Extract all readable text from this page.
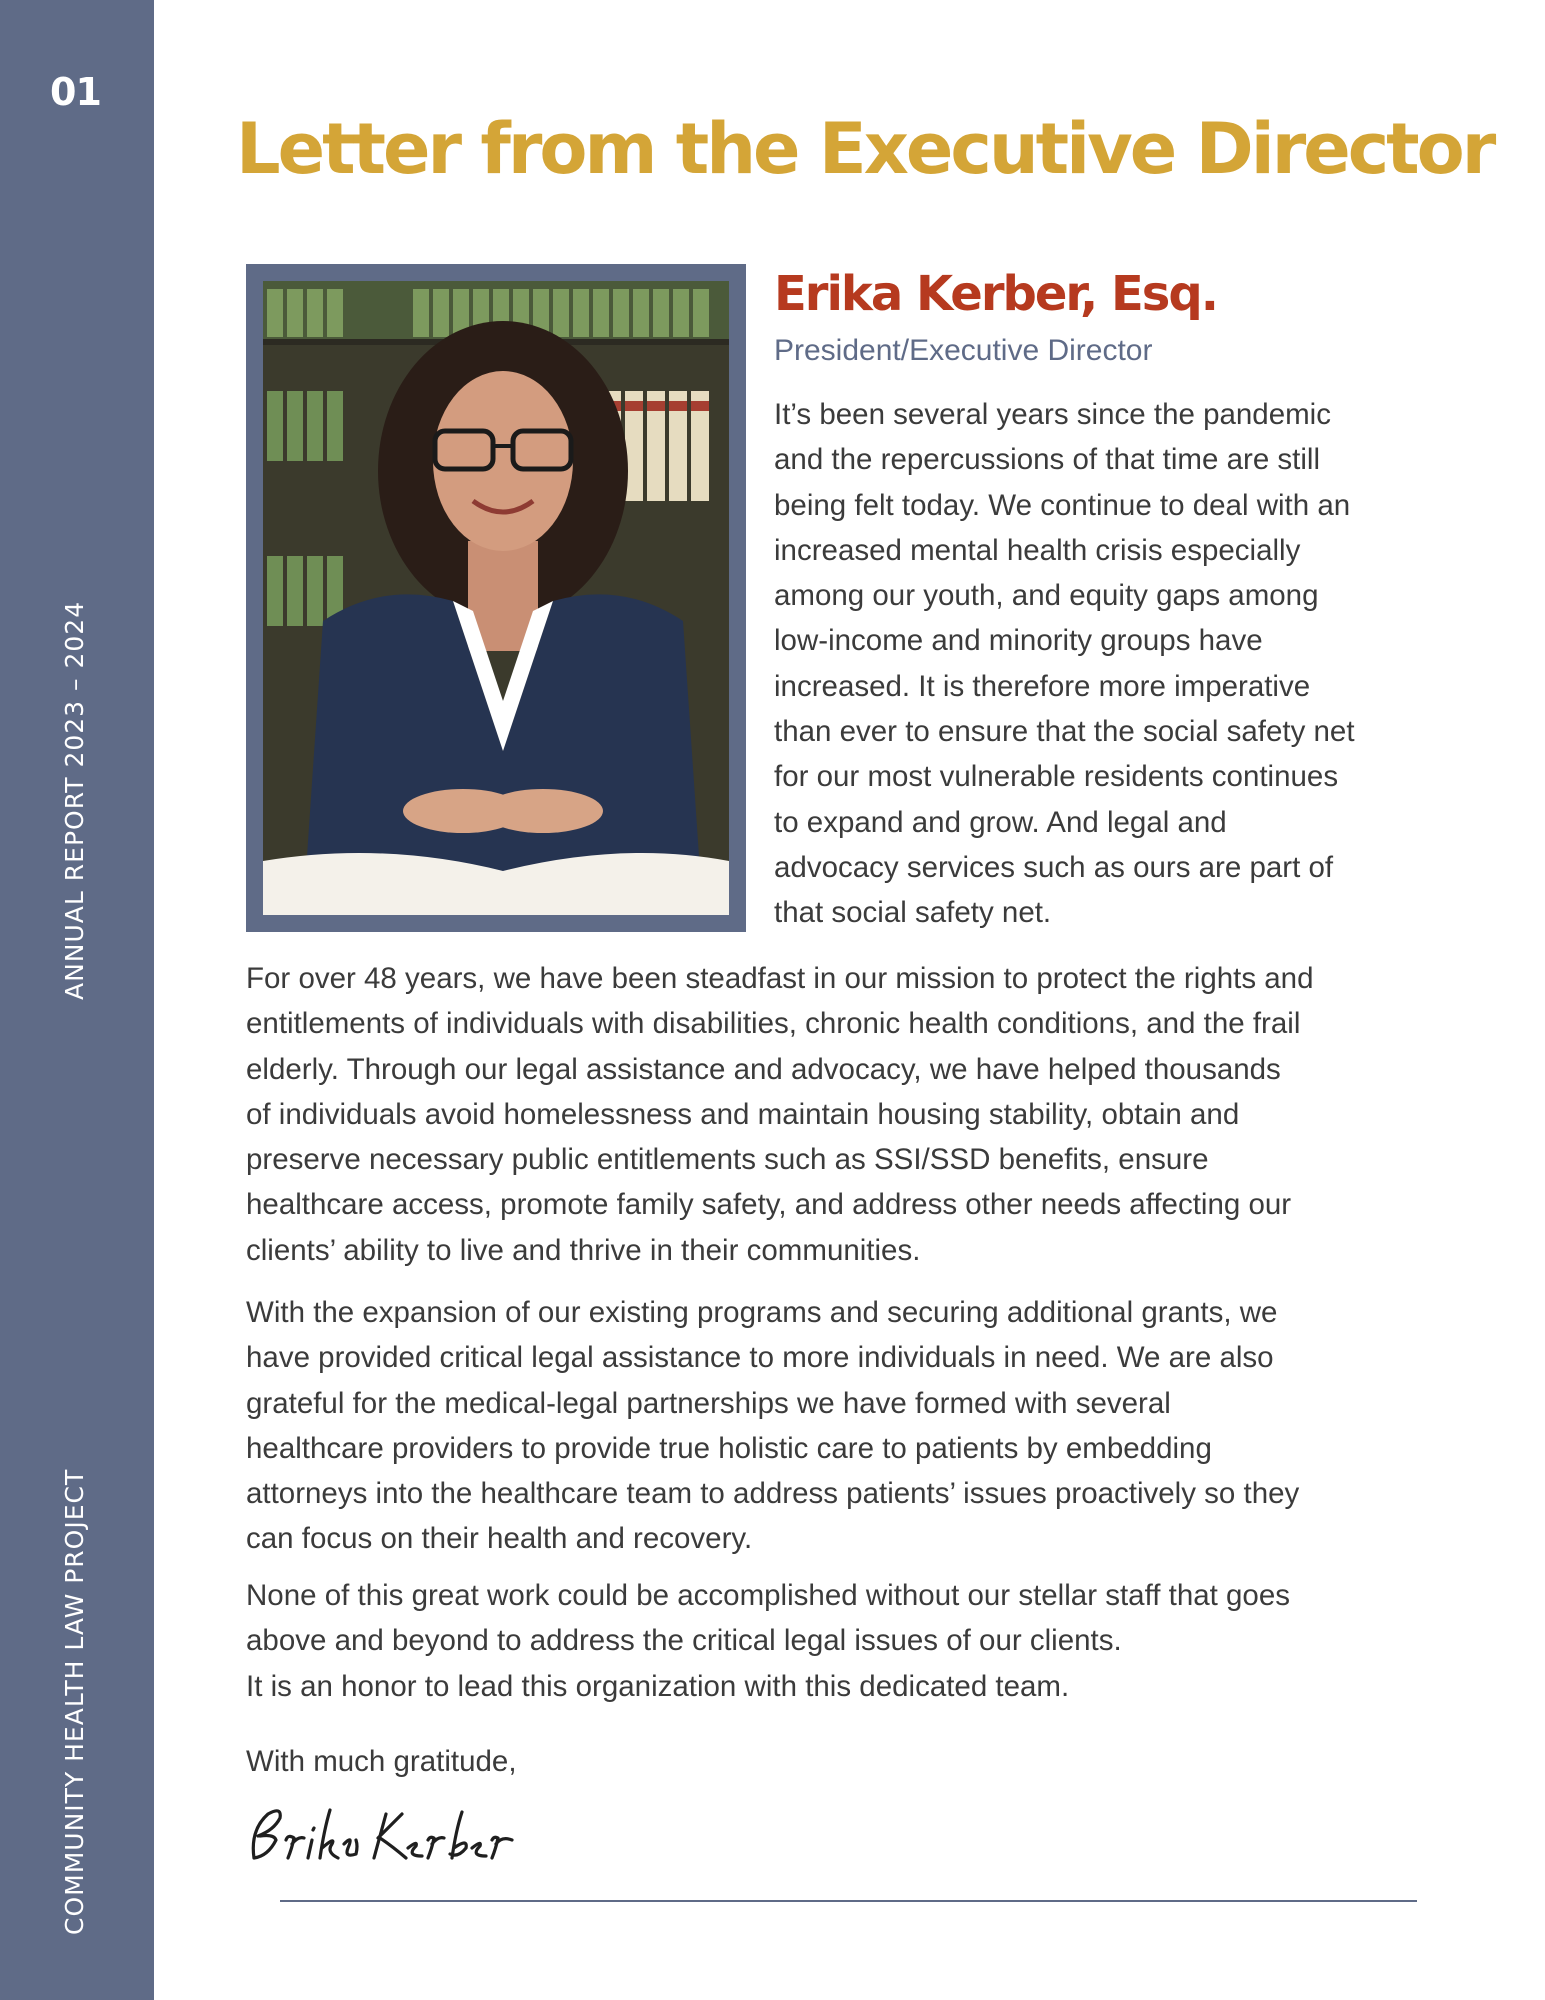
01
ANNUAL REPORT 2023 – 2024
COMMUNITY HEALTH LAW PROJECT
Letter from the Executive Director
Erika Kerber, Esq.
President/Executive Director

It’s been several years since the pandemic
and the repercussions of that time are still
being felt today. We continue to deal with an
increased mental health crisis especially
among our youth, and equity gaps among
low-income and minority groups have
increased. It is therefore more imperative
than ever to ensure that the social safety net
for our most vulnerable residents continues
to expand and grow. And legal and
advocacy services such as ours are part of
that social safety net.

For over 48 years, we have been steadfast in our mission to protect the rights and
entitlements of individuals with disabilities, chronic health conditions, and the frail
elderly. Through our legal assistance and advocacy, we have helped thousands
of individuals avoid homelessness and maintain housing stability, obtain and
preserve necessary public entitlements such as SSI/SSD benefits, ensure
healthcare access, promote family safety, and address other needs affecting our
clients’ ability to live and thrive in their communities.

With the expansion of our existing programs and securing additional grants, we
have provided critical legal assistance to more individuals in need. We are also
grateful for the medical-legal partnerships we have formed with several
healthcare providers to provide true holistic care to patients by embedding
attorneys into the healthcare team to address patients’ issues proactively so they
can focus on their health and recovery.

None of this great work could be accomplished without our stellar staff that goes
above and beyond to address the critical legal issues of our clients.
It is an honor to lead this organization with this dedicated team.

With much gratitude,
